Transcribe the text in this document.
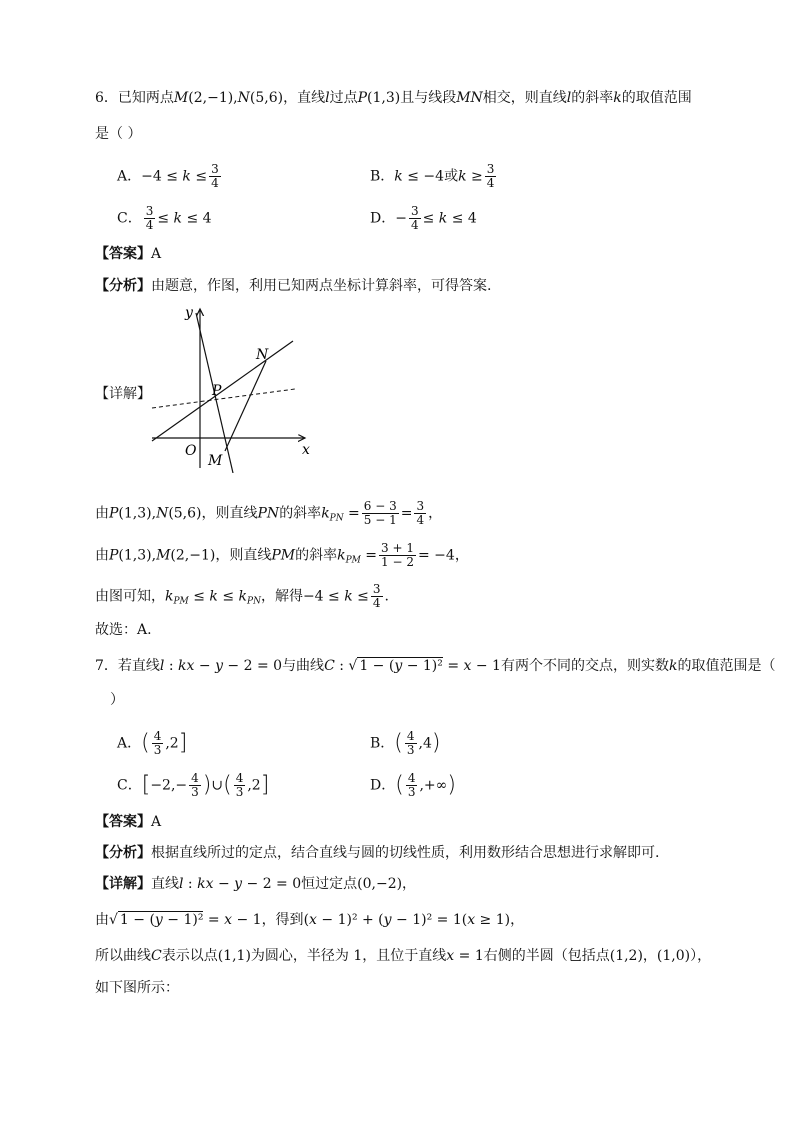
6．已知两点M(2,−1),N(5,6)，直线l过点P(1,3)且与线段MN相交，则直线l的斜率k的取值范围
是（ ）
A．$-4 \le k \le \frac{3}{4}$	B．k ≤ −4或$k \ge \frac{3}{4}$
C． $\frac{3}{4} \le k \le 4$	D．− $\frac{3}{4} \le k \le 4$
【答案】A
【分析】由题意，作图，利用已知两点坐标计算斜率，可得答案.
【详解】
y
x
O
P
N
M
由P(1,3),N(5,6)，则直线PN的斜率$k_{PN} = \frac{6 - 3}{5 - 1} = \frac{3}{4}$ ，
由P(1,3),M(2,−1)，则直线PM的斜率$k_{PM} = \frac{3 + 1}{1 - 2} = -4$，
由图可知，$k_{PM} \le k \le k_{PN}$，解得$-4 \le k \le \frac{3}{4}$ .
故选：A.
7．若直线l : kx − y − 2 = 0与曲线C : √ 1 − (y − 1)² = x − 1有两个不同的交点，则实数k的取值范围是（
）
A．( $\frac{4}{3} ,2$]	B．( $\frac{4}{3} ,4$)
C．[$-2,- \frac{4}{3}$ )∪( $\frac{4}{3} ,2$]	D．( $\frac{4}{3}$ ,+∞)
【答案】A
【分析】根据直线所过的定点，结合直线与圆的切线性质，利用数形结合思想进行求解即可.
【详解】直线l : kx − y − 2 = 0恒过定点(0,−2)，
由√ 1 − (y − 1)² = x − 1，得到(x − 1)² + (y − 1)² = 1(x ≥ 1)，
所以曲线C表示以点(1,1)为圆心，半径为 1，且位于直线x = 1右侧的半圆（包括点(1,2)，(1,0)），
如下图所示：
